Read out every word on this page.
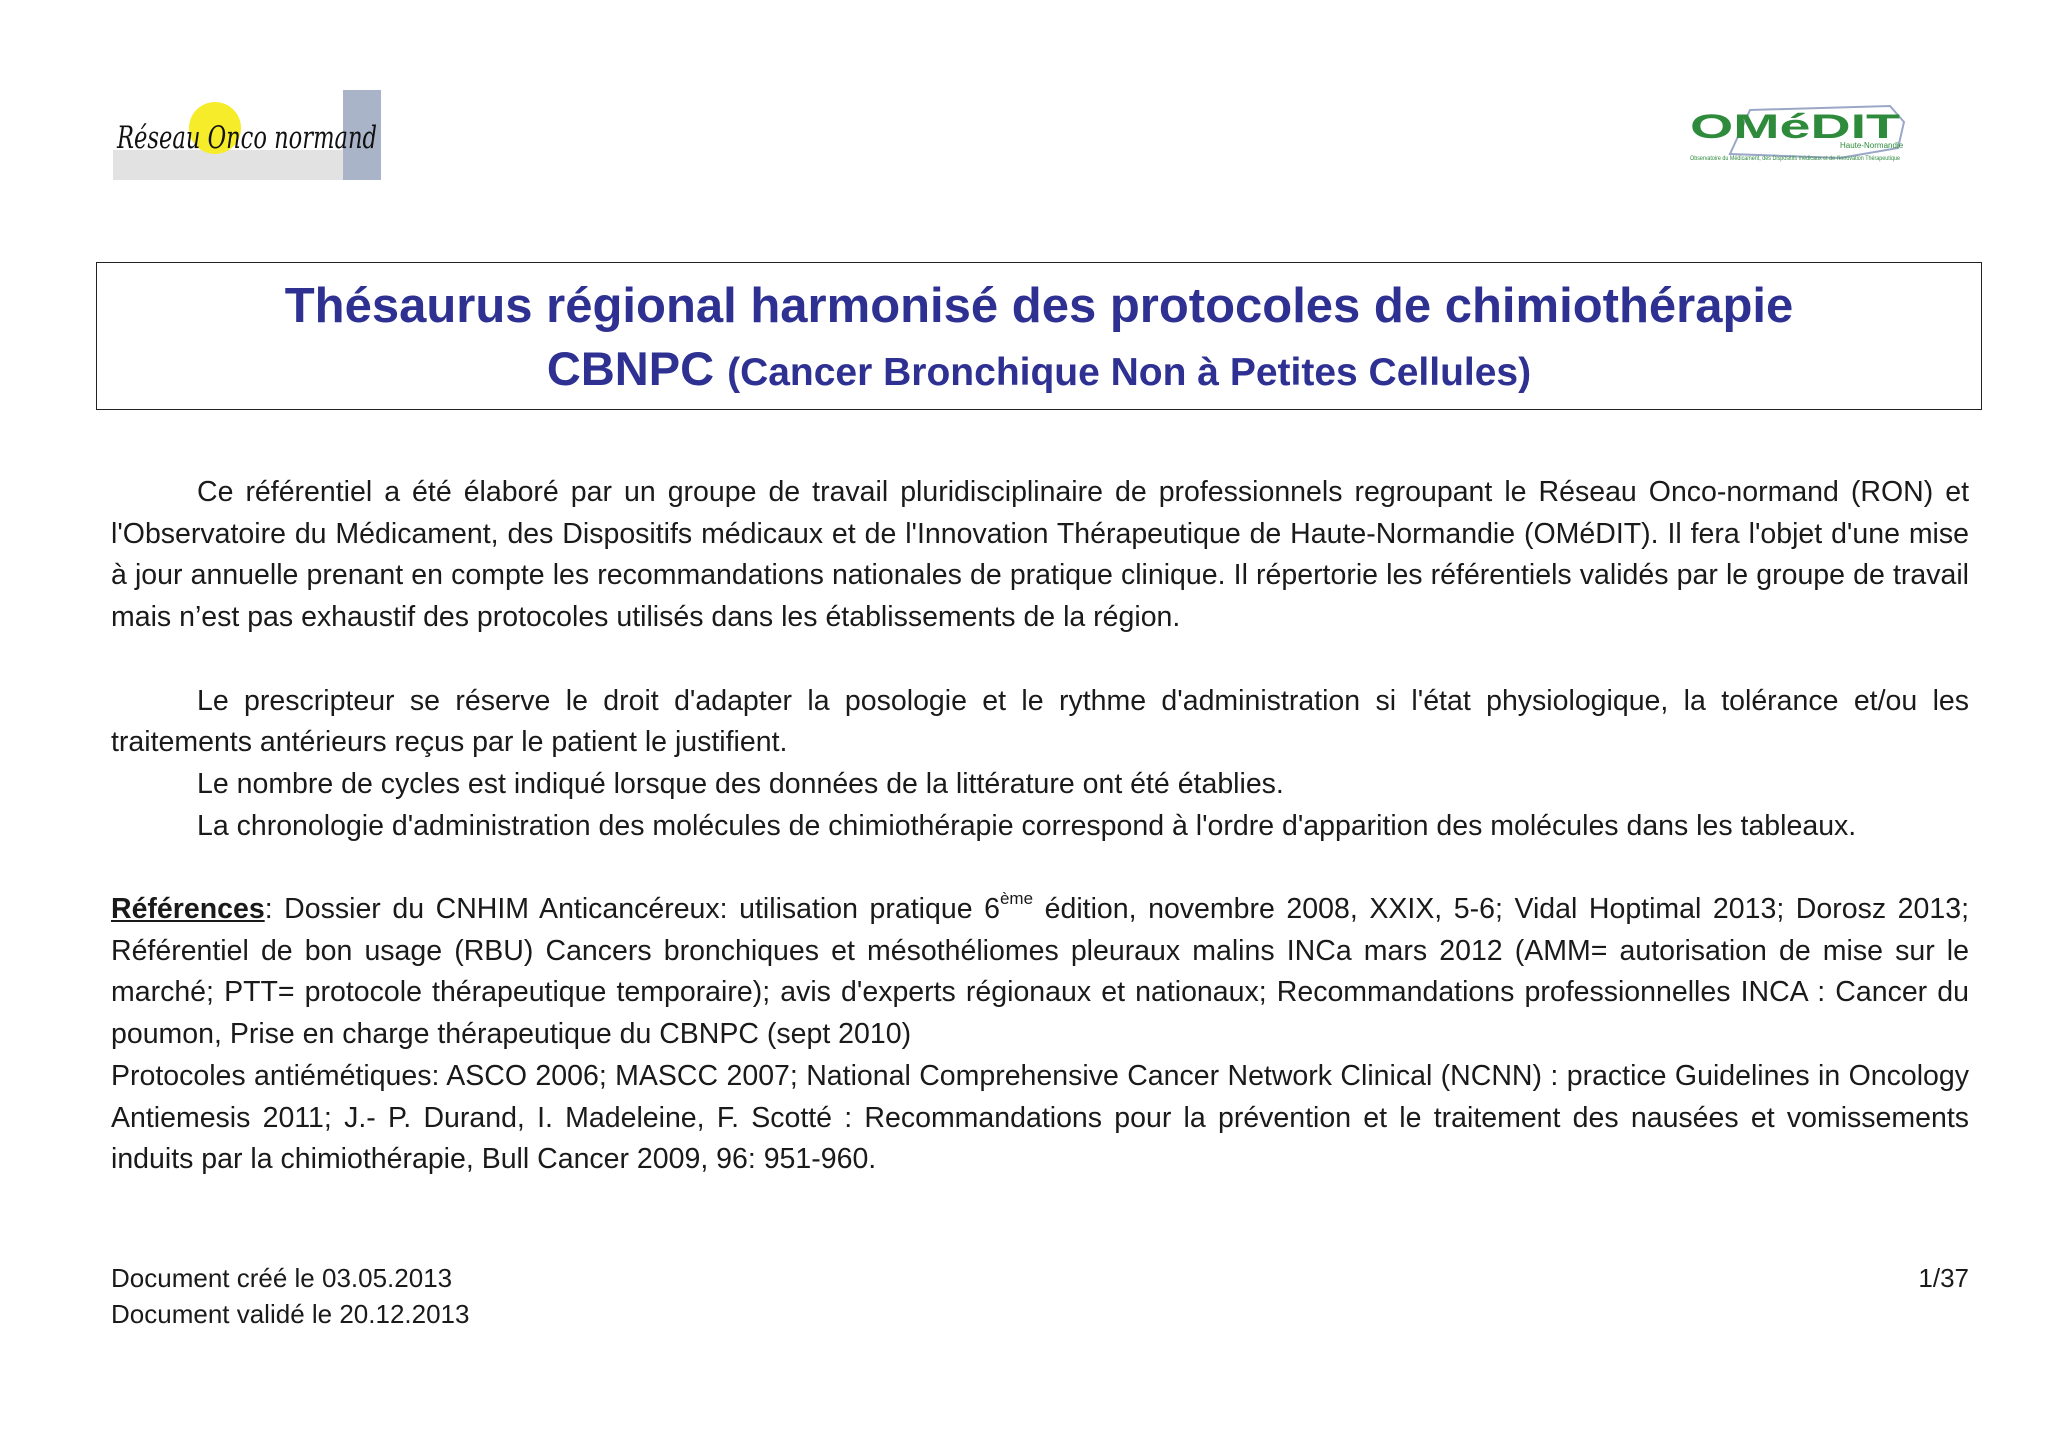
Réseau Onco normand	OMéDIT
Haute-Normandie
Observatoire du Médicament, des Dispositifs médicaux et de l'Innovation Thérapeutique
Thésaurus régional harmonisé des protocoles de chimiothérapie
CBNPC (Cancer Bronchique Non à Petites Cellules)

Ce référentiel a été élaboré par un groupe de travail pluridisciplinaire de professionnels regroupant le Réseau Onco-normand (RON) et l'Observatoire du Médicament, des Dispositifs médicaux et de l'Innovation Thérapeutique de Haute-Normandie (OMéDIT). Il fera l'objet d'une mise à jour annuelle prenant en compte les recommandations nationales de pratique clinique. Il répertorie les référentiels validés par le groupe de travail mais n’est pas exhaustif des protocoles utilisés dans les établissements de la région.

Le prescripteur se réserve le droit d'adapter la posologie et le rythme d'administration si l'état physiologique, la tolérance et/ou les traitements antérieurs reçus par le patient le justifient.

Le nombre de cycles est indiqué lorsque des données de la littérature ont été établies.

La chronologie d'administration des molécules de chimiothérapie correspond à l'ordre d'apparition des molécules dans les tableaux.

Références: Dossier du CNHIM Anticancéreux: utilisation pratique 6ème édition, novembre 2008, XXIX, 5-6; Vidal Hoptimal 2013; Dorosz 2013; Référentiel de bon usage (RBU) Cancers bronchiques et mésothéliomes pleuraux malins INCa mars 2012 (AMM= autorisation de mise sur le marché; PTT= protocole thérapeutique temporaire); avis d'experts régionaux et nationaux; Recommandations professionnelles INCA : Cancer du poumon, Prise en charge thérapeutique du CBNPC (sept 2010)

Protocoles antiémétiques: ASCO 2006; MASCC 2007; National Comprehensive Cancer Network Clinical (NCNN) : practice Guidelines in Oncology Antiemesis 2011; J.- P. Durand, I. Madeleine, F. Scotté : Recommandations pour la prévention et le traitement des nausées et vomissements induits par la chimiothérapie, Bull Cancer 2009, 96: 951-960.

Document créé le 03.05.2013
Document validé le 20.12.2013
1/37
